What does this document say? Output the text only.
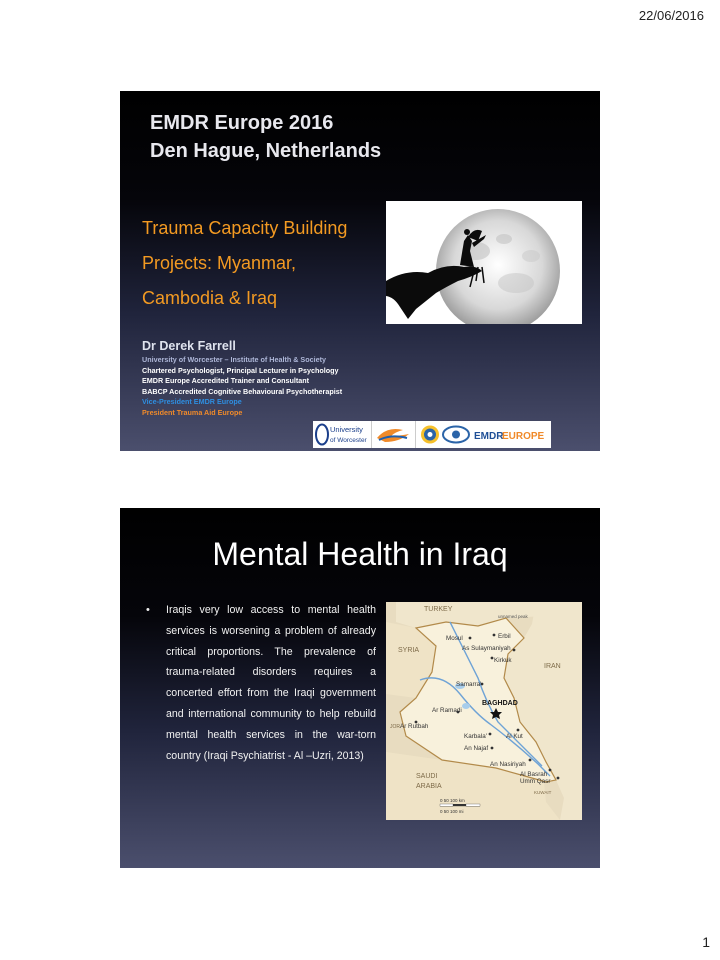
22/06/2016
EMDR Europe 2016
Den Hague, Netherlands
Trauma Capacity Building
Projects: Myanmar,
Cambodia & Iraq
Dr Derek Farrell
University of Worcester – Institute of Health & Society
Chartered Psychologist, Principal Lecturer in Psychology
EMDR Europe Accredited Trainer and Consultant
BABCP Accredited Cognitive Behavioural Psychotherapist
Vice-President EMDR Europe
President Trauma Aid Europe
University
of Worcester	EMDR
EUROPE
Mental Health in Iraq
• Iraqis very low access to mental health services is worsening a problem of already critical proportions. The prevalence of trauma-related disorders requires a concerted effort from the Iraqi government and international community to help rebuild mental health services in the war-torn country (Iraqi Psychiatrist - Al –Uzri, 2013)
TURKEY
SYRIA
IRAN
SAUDI
ARABIA
KUWAIT
JOR
unnamed peak
Erbil
Mosul
As Sulaymaniyah
Kirkuk
Samarra'
BAGHDAD
Ar Ramadi
Ar Rutbah
Karbala'	Al Kut
An Najaf
An Nasiriyah
Al Basrah
Umm Qasr
0 50 100 km
0 50 100 mi
1
